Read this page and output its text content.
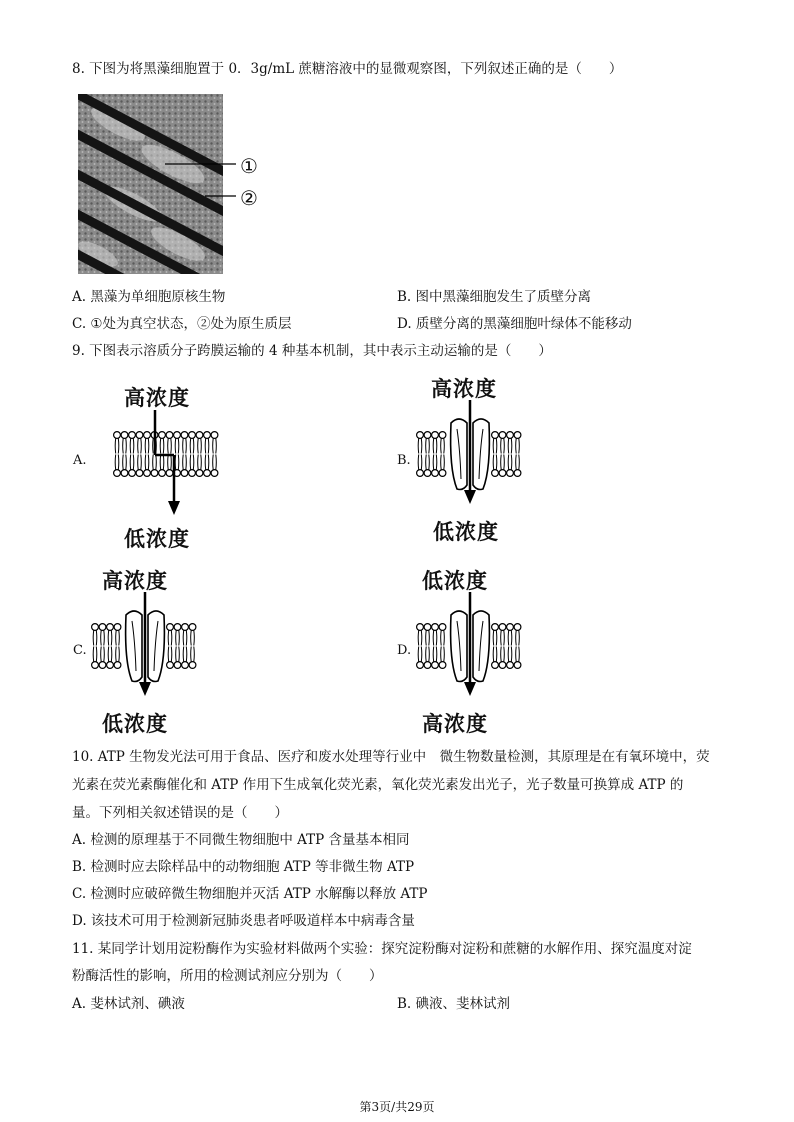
8. 下图为将黑藻细胞置于 0．3g/mL 蔗糖溶液中的显微观察图，下列叙述正确的是（　　）
①
②
A. 黑藻为单细胞原核生物	B. 图中黑藻细胞发生了质壁分离
C. ①处为真空状态，②处为原生质层	D. 质壁分离的黑藻细胞叶绿体不能移动
9. 下图表示溶质分子跨膜运输的 4 种基本机制，其中表示主动运输的是（　　）
A.
高浓度
低浓度
B.
高浓度
低浓度
C.
高浓度
低浓度
D.
低浓度
高浓度
10. ATP 生物发光法可用于食品、医疗和废水处理等行业中　微生物数量检测，其原理是在有氧环境中，荧
光素在荧光素酶催化和 ATP 作用下生成氧化荧光素，氧化荧光素发出光子，光子数量可换算成 ATP 的
量。下列相关叙述错误的是（　　）
A. 检测的原理基于不同微生物细胞中 ATP 含量基本相同
B. 检测时应去除样品中的动物细胞 ATP 等非微生物 ATP
C. 检测时应破碎微生物细胞并灭活 ATP 水解酶以释放 ATP
D. 该技术可用于检测新冠肺炎患者呼吸道样本中病毒含量
11. 某同学计划用淀粉酶作为实验材料做两个实验：探究淀粉酶对淀粉和蔗糖的水解作用、探究温度对淀
粉酶活性的影响，所用的检测试剂应分别为（　　）
A. 斐林试剂、碘液	B. 碘液、斐林试剂
第3页/共29页
